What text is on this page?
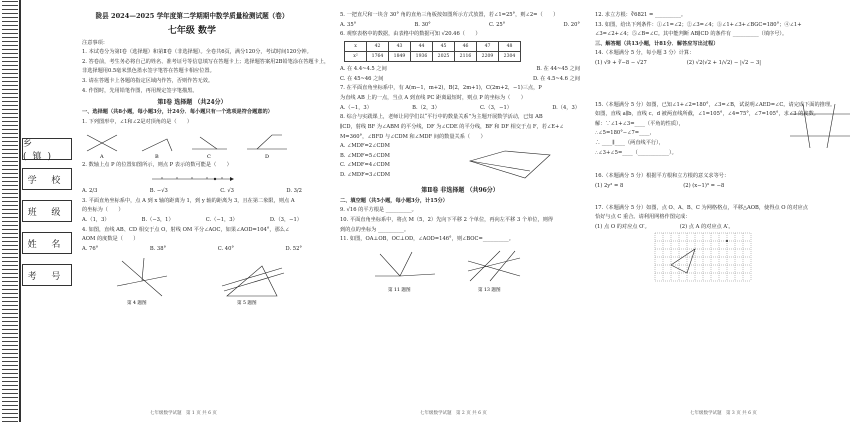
乡(镇)
学 校
班 级
姓 名
考 号

陇县 2024—2025 学年度第二学期期中数学质量检测试题（卷）

七年级 数学

注意事项：

1. 本试卷分为第Ⅰ卷（选择题）和第Ⅱ卷（非选择题）。全卷共6页，满分120分，考试时间120分钟。

2. 答卷前，考生务必将自己的姓名、准考证号等信息填写在答题卡上；选择题答案用2B铅笔涂在答题卡上，

非选择题用0.5毫米黑色墨水签字笔答在答题卡相应位置。

3. 请在答题卡上各题的指定区域内作答，否则作答无效。

4. 作图时，先用铅笔作图，再用规定签字笔描黑。

第Ⅰ卷 选择题 （共24分）

一、选择题（共8小题，每小题3分，计24分．每小题只有一个选项是符合题意的）

1. 下列图形中，∠1和∠2是对顶角的是（　　）

A	B	C	D

2. 数轴上点 P 的位置如图所示，则点 P 表示的数可能是（　　）

A. 2/3	B. −√3	C. √3	D. 3/2

3. 平面直角坐标系中，点 A 到 x 轴的距离为 1，到 y 轴的距离为 3，且在第二象限，则点 A

的坐标为（　　）

A.（1，3）	B.（−3，1）	C.（−1，3）	D.（3，−1）

4. 如图，直线 AB、CD 相交于点 O，射线 OM 平分∠AOC，如果∠AOD=104°，那么∠

AOM 的度数是（　　）

A. 76°	B. 38°	C. 40°	D. 52°

第 4 题图	第 5 题图
七年级数学试题　第 1 页 共 6 页

5. 一把直尺和一块含 30° 角的直角三角板按如图所示方式放置，若∠1=25°，则∠2=（　　）

A. 35°	B. 30°	C. 25°	D. 20°

6. 观察表格中的数据，由表格中的数据可知 √20.46（　　）

x	42	43	44	45	46	47	48
x²	1764	1849	1936	2025	2116	2209	2304

A. 在 4.4~4.5 之间	B. 在 44~45 之间

C. 在 45~46 之间	D. 在 4.5~4.6 之间

7. 在平面直角坐标系中，有 A(m−1，m+2)，B(2，2m+1)，C(2m+2，−1)三点，P

为直线 AB 上的一点，当点 A 到直线 PC 距离最短时，则点 P 的坐标为（　　）

A.（−1，3）	B.（2，3）	C.（3，−1）	D.（4，3）

8. 综合与实践课上，老师让同学们以“平行中的数量关系”为主题开展数学活动，已知 AB

∥CD，射线 BF 为∠ABM 的平分线，DF 为∠CDE 的平分线，BF 和 DF 相交于点 F，若∠E+∠

M=360°，∠BFD 与∠CDM 和∠MDF 间的数量关系（　　）

A. ∠MDF=2∠CDM

B. ∠MDF=5∠CDM

C. ∠MDF=4∠CDM

D. ∠MDF=3∠CDM

第Ⅱ卷 非选择题 （共96分）

二、填空题（共5小题，每小题3分，计15分）

9. √16 的平方根是 __________。

10. 平面直角坐标系中，将点 M（5，2）先向下平移 2 个单位，再向左平移 3 个单位，则得

到的点的坐标为 __________。

11. 如图，OA⊥OB，OC⊥OD，∠AOD=146°，则∠BOC=__________。

第 11 题图	第 13 题图
七年级数学试题　第 2 页 共 6 页

12. 求立方根：∛6821 = __________。

13. 如图，给出下列条件：①∠1=∠2；②∠3=∠4；③∠1+∠3+∠BGC=180°；④∠1+

∠3=∠2+∠4；⑤∠B=∠C。其中能判断 AB∥CD 的条件有 __________（填序号）。

三、解答题（共13小题，计81分．解答应写出过程）

14.（本题满分 5 分，每小题 3 分）计算：

(1) √9 + ∛−8 − √27	(2) √2(√2 + 1/√2) − |√2 − 3|

15.（本题满分 5 分）如图，已知∠1+∠2=180°，∠3=∠B，试说明∠AED=∠C。请完成下面的推理。

如图，直线 a∥b，直线 c、d 被两直线所截，∠1=105°，∠4=75°，∠7=105°，求∠3 的度数。

解：∵∠1+∠3=____（平角的性质），

∴∠5=180°−∠7=____，

∴ ____∥____（两直线平行），

∴∠3+∠5=____（____________）。

16.（本题满分 5 分）根据平方根和立方根的意义求等号：

(1) 2y² = 8	(2) (x−1)³ = −8

17.（本题满分 5 分）如图，点 O、A、B、C 为网格格点，平移△AOB，使得点 O 的对应点

恰好与点 C 重合。请利用网格作图完成：

(1) 点 O 的对应点 O′。	(2) 点 A 的对应点 A′。

七年级数学试题　第 3 页 共 6 页
